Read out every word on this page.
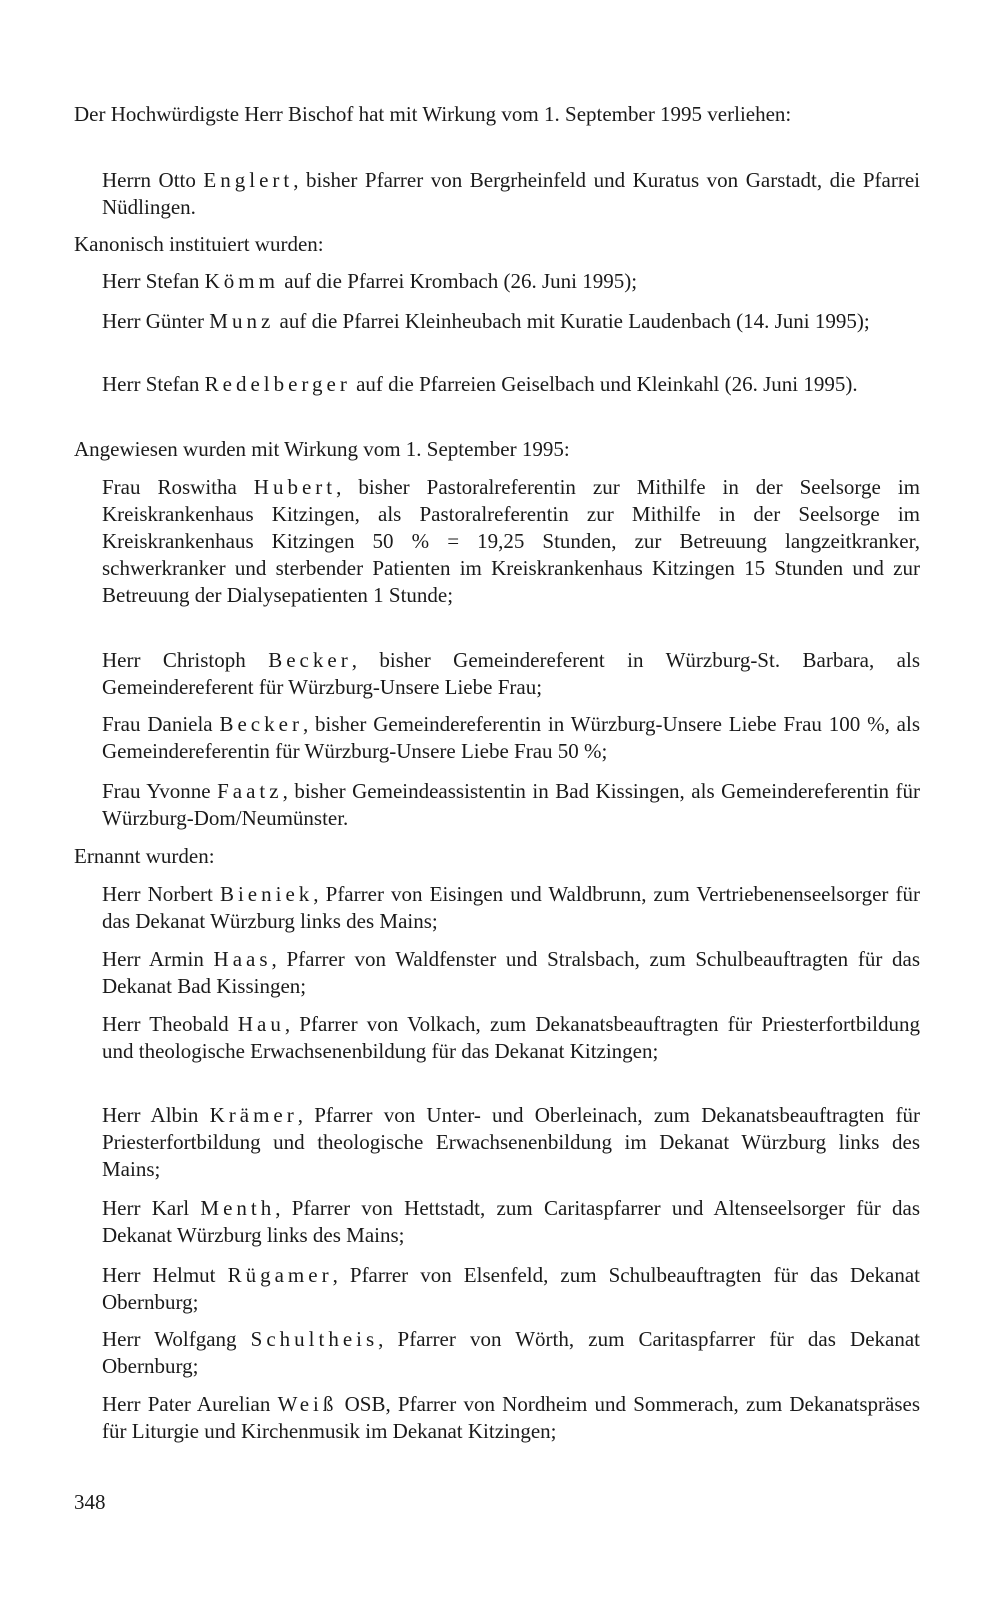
Der Hochwürdigste Herr Bischof hat mit Wirkung vom 1. September 1995 verliehen:
Herrn Otto Englert, bisher Pfarrer von Bergrheinfeld und Kuratus von Garstadt, die Pfarrei Nüdlingen.
Kanonisch instituiert wurden:
Herr Stefan Kömm auf die Pfarrei Krombach (26. Juni 1995);
Herr Günter Munz auf die Pfarrei Kleinheubach mit Kuratie Laudenbach (14. Juni 1995);
Herr Stefan Redelberger auf die Pfarreien Geiselbach und Kleinkahl (26. Juni 1995).
Angewiesen wurden mit Wirkung vom 1. September 1995:
Frau Roswitha Hubert, bisher Pastoralreferentin zur Mithilfe in der Seelsorge im Kreiskrankenhaus Kitzingen, als Pastoralreferentin zur Mithilfe in der Seelsorge im Kreiskrankenhaus Kitzingen 50 % = 19,25 Stunden, zur Betreuung langzeitkranker, schwerkranker und sterbender Patienten im Kreiskrankenhaus Kitzingen 15 Stunden und zur Betreuung der Dialysepatienten 1 Stunde;
Herr Christoph Becker, bisher Gemeindereferent in Würzburg-St. Barbara, als Gemeindereferent für Würzburg-Unsere Liebe Frau;
Frau Daniela Becker, bisher Gemeindereferentin in Würzburg-Unsere Liebe Frau 100 %, als Gemeindereferentin für Würzburg-Unsere Liebe Frau 50 %;
Frau Yvonne Faatz, bisher Gemeindeassistentin in Bad Kissingen, als Gemeindereferentin für Würzburg-Dom/Neumünster.
Ernannt wurden:
Herr Norbert Bieniek, Pfarrer von Eisingen und Waldbrunn, zum Vertriebenenseelsorger für das Dekanat Würzburg links des Mains;
Herr Armin Haas, Pfarrer von Waldfenster und Stralsbach, zum Schulbeauftragten für das Dekanat Bad Kissingen;
Herr Theobald Hau, Pfarrer von Volkach, zum Dekanatsbeauftragten für Priesterfortbildung und theologische Erwachsenenbildung für das Dekanat Kitzingen;
Herr Albin Krämer, Pfarrer von Unter- und Oberleinach, zum Dekanatsbeauftragten für Priesterfortbildung und theologische Erwachsenenbildung im Dekanat Würzburg links des Mains;
Herr Karl Menth, Pfarrer von Hettstadt, zum Caritaspfarrer und Altenseelsorger für das Dekanat Würzburg links des Mains;
Herr Helmut Rügamer, Pfarrer von Elsenfeld, zum Schulbeauftragten für das Dekanat Obernburg;
Herr Wolfgang Schultheis, Pfarrer von Wörth, zum Caritaspfarrer für das Dekanat Obernburg;
Herr Pater Aurelian Weiß OSB, Pfarrer von Nordheim und Sommerach, zum Dekanatspräses für Liturgie und Kirchenmusik im Dekanat Kitzingen;
348
